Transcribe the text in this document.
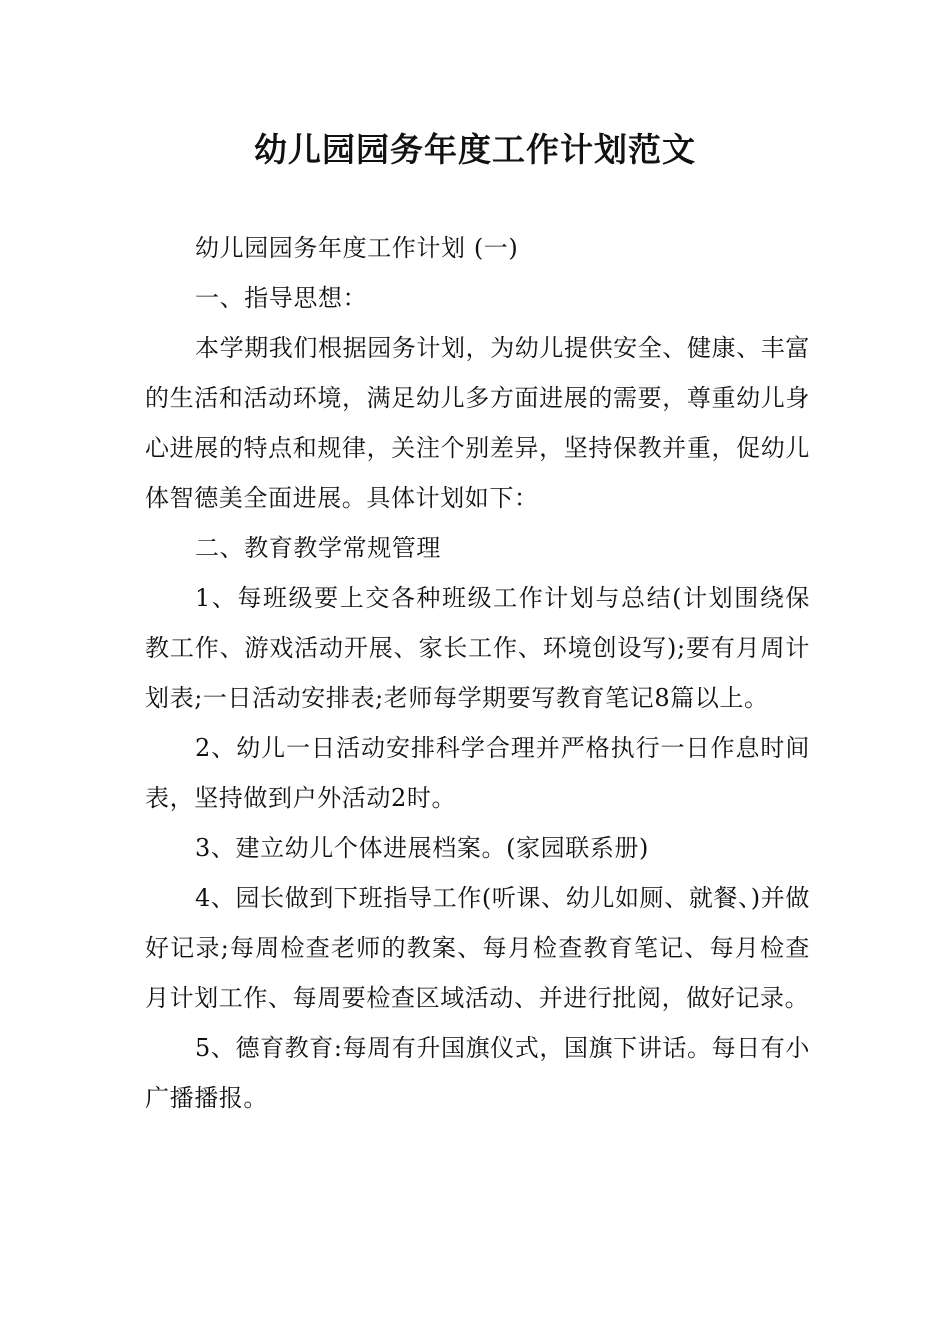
幼儿园园务年度工作计划范文

幼儿园园务年度工作计划 (一)

一、指导思想：

本学期我们根据园务计划，为幼儿提供安全、健康、丰富的生活和活动环境，满足幼儿多方面进展的需要，尊重幼儿身心进展的特点和规律，关注个别差异，坚持保教并重，促幼儿体智德美全面进展。具体计划如下：

二、教育教学常规管理

1、每班级要上交各种班级工作计划与总结(计划围绕保教工作、游戏活动开展、家长工作、环境创设写);要有月周计划表;一日活动安排表;老师每学期要写教育笔记8篇以上。

2、幼儿一日活动安排科学合理并严格执行一日作息时间表，坚持做到户外活动2时。

3、建立幼儿个体进展档案。(家园联系册)

4、园长做到下班指导工作(听课、幼儿如厕、就餐、)并做好记录;每周检查老师的教案、每月检查教育笔记、每月检查月计划工作、每周要检查区域活动、并进行批阅，做好记录。

5、德育教育:每周有升国旗仪式，国旗下讲话。每日有小广播播报。
